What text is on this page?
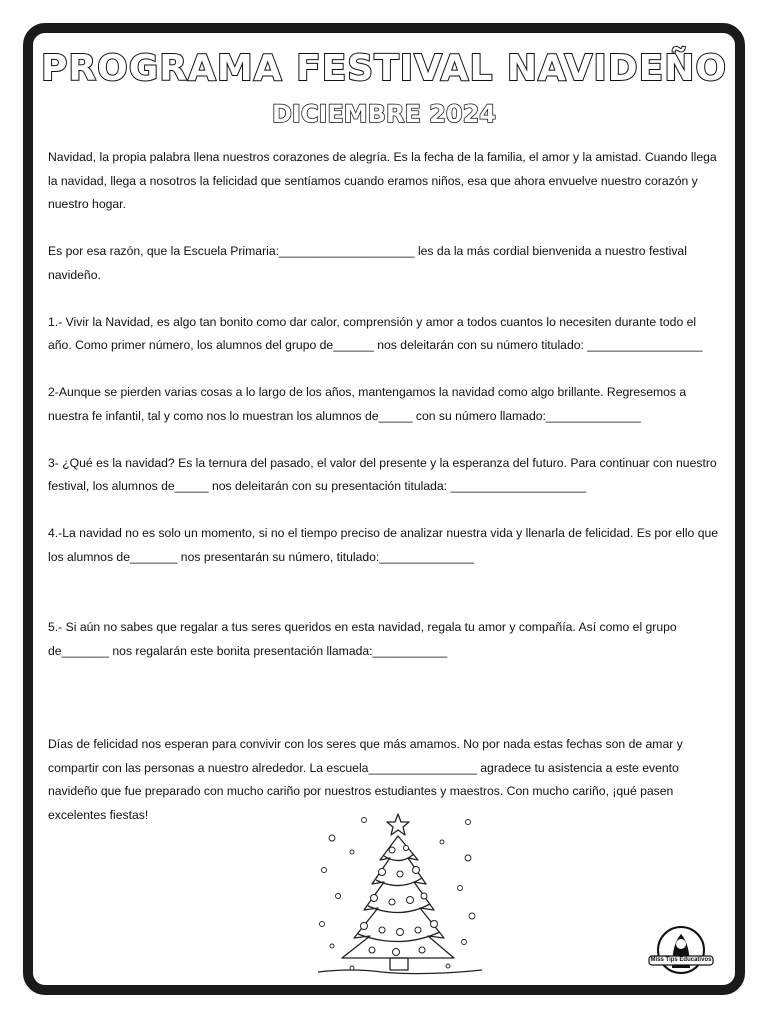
PROGRAMA FESTIVAL NAVIDEÑO
DICIEMBRE 2024

Navidad, la propia palabra llena nuestros corazones de alegría. Es la fecha de la familia, el amor y la amistad. Cuando llega la navidad, llega a nosotros la felicidad que sentíamos cuando eramos niños, esa que ahora envuelve nuestro corazón y nuestro hogar.

Es por esa razón, que la Escuela Primaria:____________________ les da la más cordial bienvenida a nuestro festival navideño.

1.- Vivir la Navidad, es algo tan bonito como dar calor, comprensión y amor a todos cuantos lo necesiten durante todo el año. Como primer número, los alumnos del grupo de______ nos deleitarán con su número titulado: _________________

2-Aunque se pierden varias cosas a lo largo de los años, mantengamos la navidad como algo brillante. Regresemos a nuestra fe infantil, tal y como nos lo muestran los alumnos de_____ con su número llamado:______________

3- ¿Qué es la navidad? Es la ternura del pasado, el valor del presente y la esperanza del futuro. Para continuar con nuestro festival, los alumnos de_____ nos deleitarán con su presentación titulada: ____________________

4.-La navidad no es solo un momento, si no el tiempo preciso de analizar nuestra vida y llenarla de felicidad. Es por ello que los alumnos de_______ nos presentarán su número, titulado:______________

5.- Si aún no sabes que regalar a tus seres queridos en esta navidad, regala tu amor y compañía. Así como el grupo de_______ nos regalarán este bonita presentación llamada:___________

Días de felicidad nos esperan para convivir con los seres que más amamos. No por nada estas fechas son de amar y compartir con las personas a nuestro alrededor. La escuela________________ agradece tu asistencia a este evento navideño que fue preparado con mucho cariño por nuestros estudiantes y maestros. Con mucho cariño, ¡qué pasen excelentes fiestas!

Miss Tips Educativos
